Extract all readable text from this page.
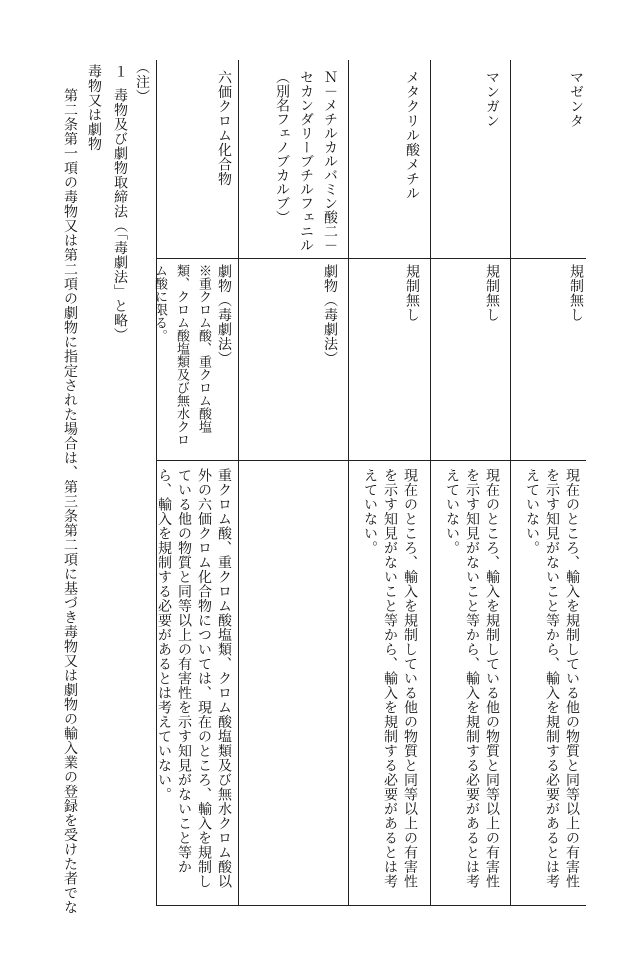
マゼンタ
規制無し
現在のところ、輸入を規制している他の物質と同等以上の有害性を示す知見がないこと等から、輸入を規制する必要があるとは考えていない。
マンガン
規制無し
現在のところ、輸入を規制している他の物質と同等以上の有害性を示す知見がないこと等から、輸入を規制する必要があるとは考えていない。
メタクリル酸メチル
規制無し
現在のところ、輸入を規制している他の物質と同等以上の有害性を示す知見がないこと等から、輸入を規制する必要があるとは考えていない。
Ｎ－メチルカルバミン酸二－
セカンダリーブチルフェニル
（別名フェノブカルブ）
劇物（毒劇法）
六価クロム化合物
劇物（毒劇法）
※重クロム酸、重クロム酸塩類、クロム酸塩類及び無水クロム酸に限る。
重クロム酸、重クロム酸塩類、クロム酸塩類及び無水クロム酸以外の六価クロム化合物については、現在のところ、輸入を規制している他の物質と同等以上の有害性を示す知見がないこと等から、輸入を規制する必要があるとは考えていない。
（注）
１
毒物及び劇物取締法（「毒劇法」と略）
毒物又は劇物
第二条第一項の毒物又は第二項の劇物に指定された場合は、第三条第二項に基づき毒物又は劇物の輸入業の登録を受けた者でな
